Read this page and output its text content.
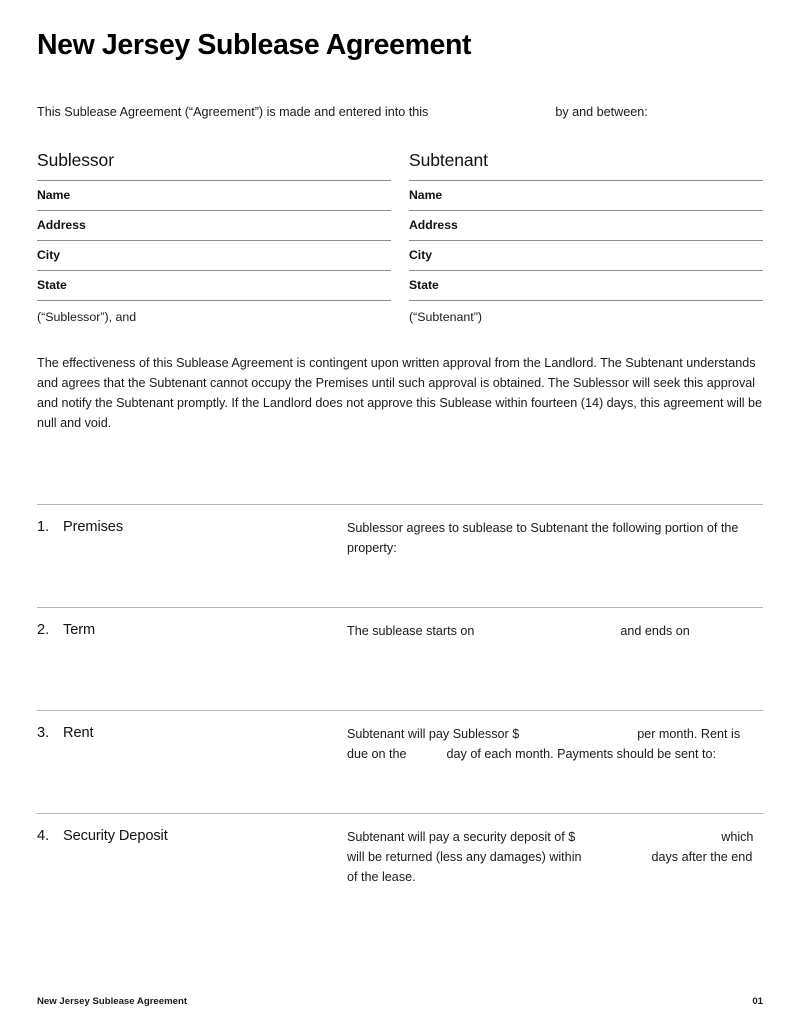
New Jersey Sublease Agreement
This Sublease Agreement (“Agreement”) is made and entered into this	by and between:
Sublessor
Name
Address
City
State
(“Sublessor”), and
Subtenant
Name
Address
City
State
(“Subtenant”)

The effectiveness of this Sublease Agreement is contingent upon written approval from the Landlord. The Subtenant understands and agrees that the Subtenant cannot occupy the Premises until such approval is obtained. The Sublessor will seek this approval and notify the Subtenant promptly. If the Landlord does not approve this Sublease within fourteen (14) days, this agreement will be null and void.

1. Premises	Sublessor agrees to sublease to Subtenant the following portion of the property:
2. Term	The sublease starts on	and ends on
3. Rent	Subtenant will pay Sublessor $	per month. Rent is due on the	day of each month. Payments should be sent to:
4. Security Deposit	Subtenant will pay a security deposit of $	which will be returned (less any damages) within	days after the end of the lease.
New Jersey Sublease Agreement	01
